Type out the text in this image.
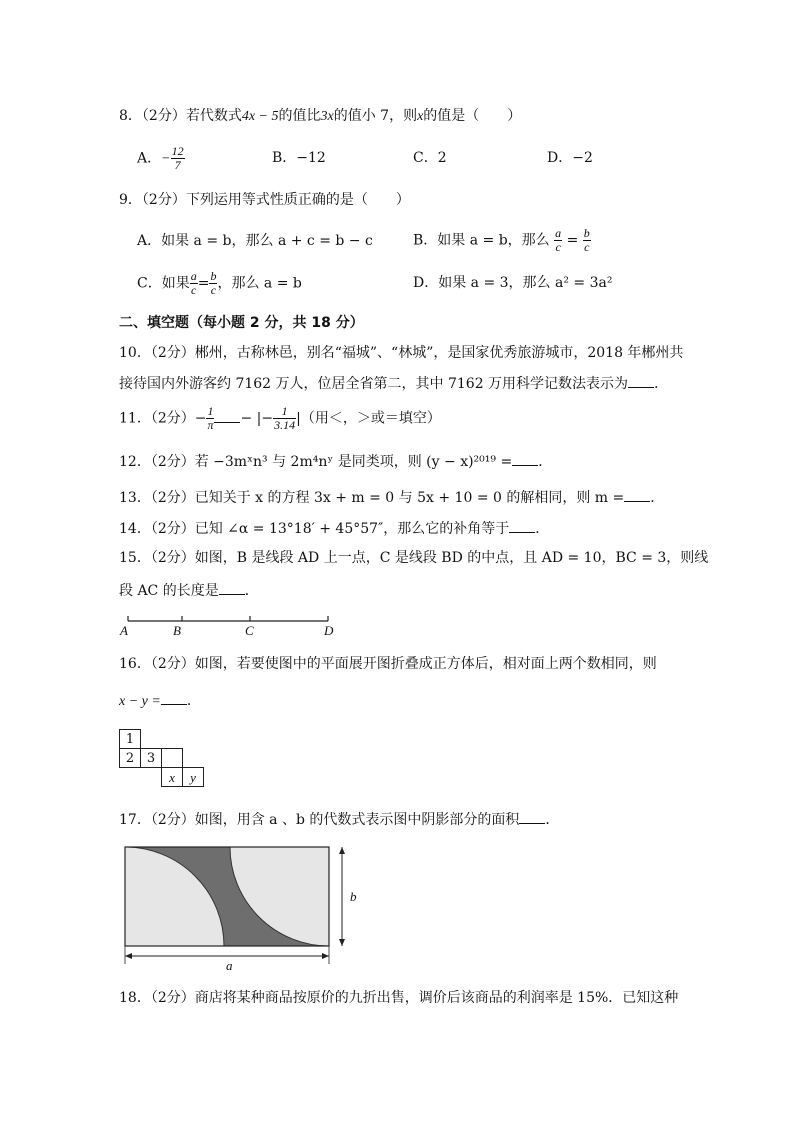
8．（2分）若代数式4x − 5的值比3x的值小 7，则x的值是（　　）
A．− $\frac{12}{7}$	B．−12	C．2	D．−2
9．（2分）下列运用等式性质正确的是（　　）
A．如果 a = b，那么 a + c = b − c	B．如果 a = b，那么 $\frac{a}{c} = \frac{b}{c}$
C．如果 $\frac{a}{c} = \frac{b}{c}$ ，那么 a = b	D．如果 a = 3，那么 a² = 3a²
二、填空题（每小题 2 分，共 18 分）
10．（2分）郴州，古称林邑，别名“福城”、“林城”，是国家优秀旅游城市，2018 年郴州共
接待国内外游客约 7162 万人，位居全省第二，其中 7162 万用科学记数法表示为 ．
11．（2分）− $\frac{1}{\pi}$ − |− $\frac{1}{3.14}$ |（用＜，＞或＝填空）
12．（2分）若 −3mˣn³ 与 2m⁴nʸ 是同类项，则 (y − x)²⁰¹⁹ = ．
13．（2分）已知关于 x 的方程 3x + m = 0 与 5x + 10 = 0 的解相同，则 m = ．
14．（2分）已知 ∠α = 13°18′ + 45°57″，那么它的补角等于 ．
15．（2分）如图，B 是线段 AD 上一点，C 是线段 BD 的中点，且 AD = 10，BC = 3，则线
段 AC 的长度是 ．
A	B	C	D
16．（2分）如图，若要使图中的平面展开图折叠成正方体后，相对面上两个数相同，则
x − y = ．
1
2 3
x	y
17．（2分）如图，用含 a 、b 的代数式表示图中阴影部分的面积 ．
b
a
18．（2分）商店将某种商品按原价的九折出售，调价后该商品的利润率是 15%．已知这种
